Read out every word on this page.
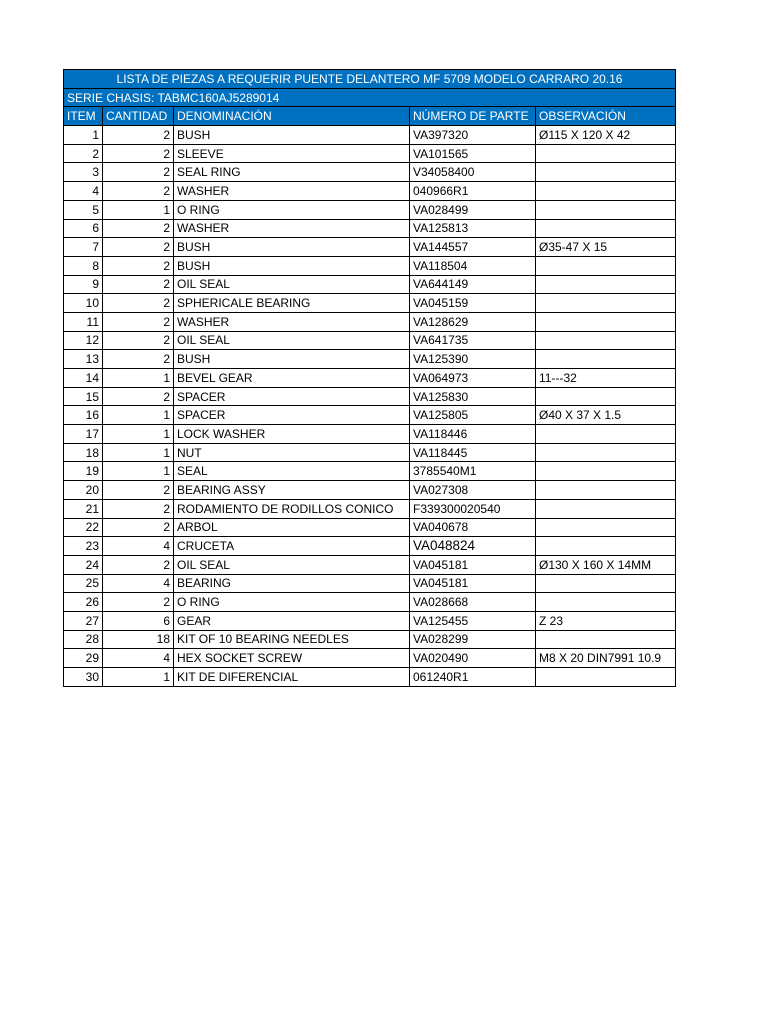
LISTA DE PIEZAS A REQUERIR PUENTE DELANTERO MF 5709 MODELO CARRARO 20.16				
SERIE CHASIS: TABMC160AJ5289014				
ITEM	CANTIDAD	DENOMINACIÓN	NÚMERO DE PARTE	OBSERVACIÓN
1	2	BUSH	VA397320	Ø115 X 120 X 42
2	2	SLEEVE	VA101565	
3	2	SEAL RING	V34058400	
4	2	WASHER	040966R1	
5	1	O RING	VA028499	
6	2	WASHER	VA125813	
7	2	BUSH	VA144557	Ø35-47 X 15
8	2	BUSH	VA118504	
9	2	OIL SEAL	VA644149	
10	2	SPHERICALE BEARING	VA045159	
11	2	WASHER	VA128629	
12	2	OIL SEAL	VA641735	
13	2	BUSH	VA125390	
14	1	BEVEL GEAR	VA064973	11---32
15	2	SPACER	VA125830	
16	1	SPACER	VA125805	Ø40 X 37 X 1.5
17	1	LOCK WASHER	VA118446	
18	1	NUT	VA118445	
19	1	SEAL	3785540M1	
20	2	BEARING ASSY	VA027308	
21	2	RODAMIENTO DE RODILLOS CONICO	F339300020540	
22	2	ARBOL	VA040678	
23	4	CRUCETA	VA048824	
24	2	OIL SEAL	VA045181	Ø130 X 160 X 14MM
25	4	BEARING	VA045181	
26	2	O RING	VA028668	
27	6	GEAR	VA125455	Z 23
28	18	KIT OF 10 BEARING NEEDLES	VA028299	
29	4	HEX SOCKET SCREW	VA020490	M8 X 20 DIN7991 10.9
30	1	KIT DE DIFERENCIAL	061240R1	
